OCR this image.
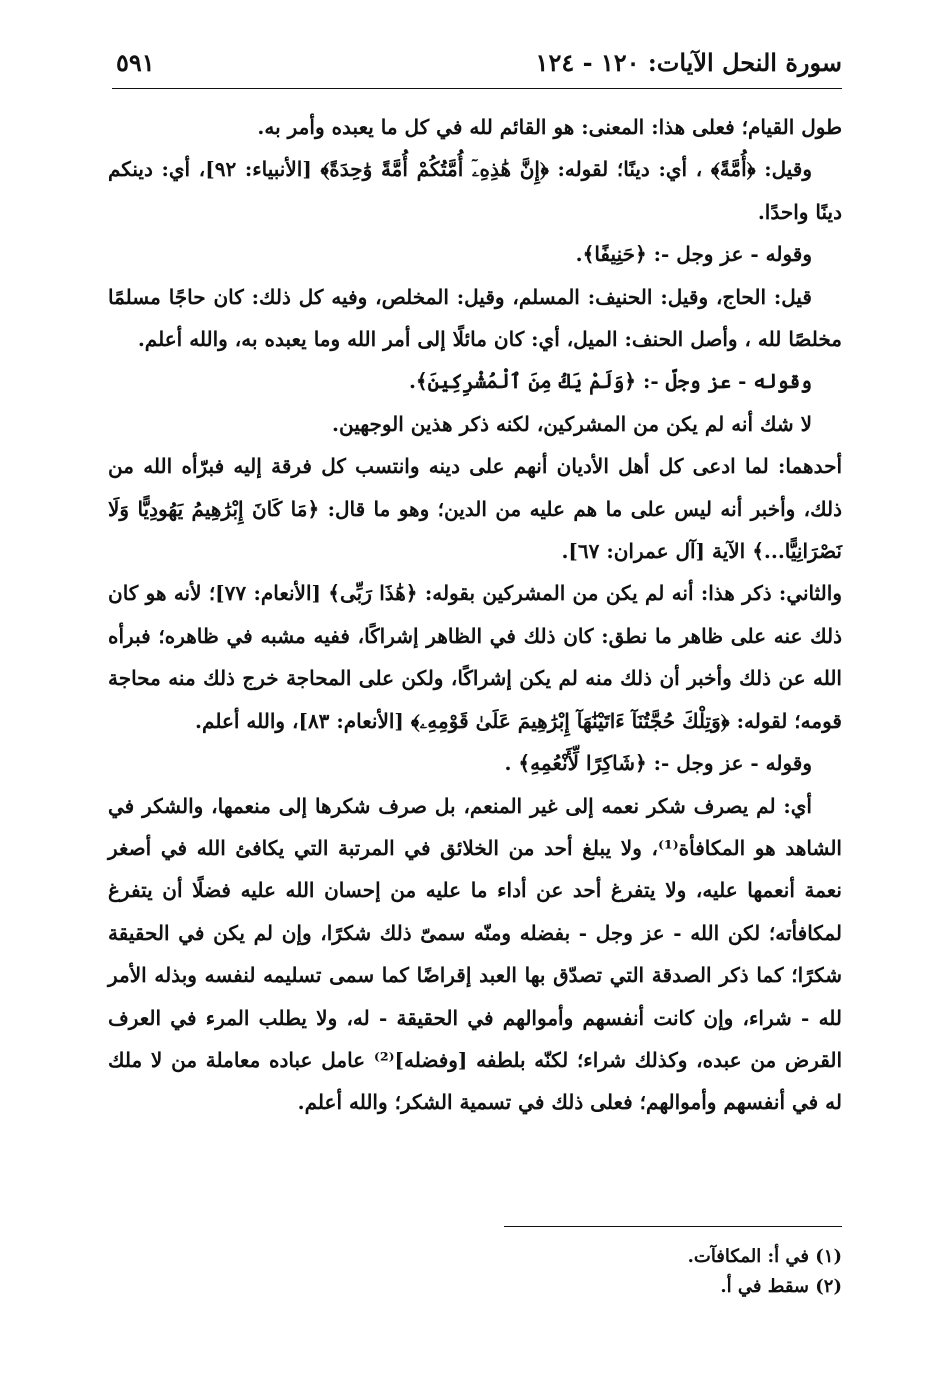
سورة النحل الآيات: ١٢٠ - ١٢٤
٥٩١

طول القيام؛ فعلى هذا: المعنى: هو القائم لله في كل ما يعبده وأمر به.

وقيل: ﴿أُمَّةً﴾ ، أي: دينًا؛ لقوله: ﴿إِنَّ هَٰذِهِۦٓ أُمَّتُكُمْ أُمَّةً وَٰحِدَةً﴾ [الأنبياء: ٩٢]، أي: دينكم دينًا واحدًا.

وقوله - عز وجل -: ﴿حَنِيفًا﴾.

قيل: الحاج، وقيل: الحنيف: المسلم، وقيل: المخلص، وفيه كل ذلك: كان حاجًا مسلمًا مخلصًا لله ، وأصل الحنف: الميل، أي: كان مائلًا إلى أمر الله وما يعبده به، والله أعلم.

وقوله - عز وجلّ -: ﴿وَلَمْ يَكُ مِنَ ٱلْمُشْرِكِينَ﴾.

لا شك أنه لم يكن من المشركين، لكنه ذكر هذين الوجهين.

أحدهما: لما ادعى كل أهل الأديان أنهم على دينه وانتسب كل فرقة إليه فبرّأه الله من ذلك، وأخبر أنه ليس على ما هم عليه من الدين؛ وهو ما قال: ﴿مَا كَانَ إِبْرَٰهِيمُ يَهُودِيًّا وَلَا نَصْرَانِيًّا...﴾ الآية [آل عمران: ٦٧].

والثاني: ذكر هذا: أنه لم يكن من المشركين بقوله: ﴿هَٰذَا رَبِّى﴾ [الأنعام: ٧٧]؛ لأنه هو كان ذلك عنه على ظاهر ما نطق: كان ذلك في الظاهر إشراكًا، ففيه مشبه في ظاهره؛ فبرأه الله عن ذلك وأخبر أن ذلك منه لم يكن إشراكًا، ولكن على المحاجة خرج ذلك منه محاجة قومه؛ لقوله: ﴿وَتِلْكَ حُجَّتُنَآ ءَاتَيْنَٰهَآ إِبْرَٰهِيمَ عَلَىٰ قَوْمِهِۦ﴾ [الأنعام: ٨٣]، والله أعلم.

وقوله - عز وجل -: ﴿شَاكِرًا لِّأَنْعُمِهِ﴾ .

أي: لم يصرف شكر نعمه إلى غير المنعم، بل صرف شكرها إلى منعمها، والشكر في الشاهد هو المكافأة⁽¹⁾، ولا يبلغ أحد من الخلائق في المرتبة التي يكافئ الله في أصغر نعمة أنعمها عليه، ولا يتفرغ أحد عن أداء ما عليه من إحسان الله عليه فضلًا أن يتفرغ لمكافأته؛ لكن الله - عز وجل - بفضله ومنّه سمىّ ذلك شكرًا، وإن لم يكن في الحقيقة شكرًا؛ كما ذكر الصدقة التي تصدّق بها العبد إقراضًا كما سمى تسليمه لنفسه وبذله الأمر لله - شراء، وإن كانت أنفسهم وأموالهم في الحقيقة - له، ولا يطلب المرء في العرف القرض من عبده، وكذلك شراء؛ لكنّه بلطفه [وفضله]⁽²⁾ عامل عباده معاملة من لا ملك له في أنفسهم وأموالهم؛ فعلى ذلك في تسمية الشكر؛ والله أعلم.

(١) في أ: المكافآت.

(٢) سقط في أ.
